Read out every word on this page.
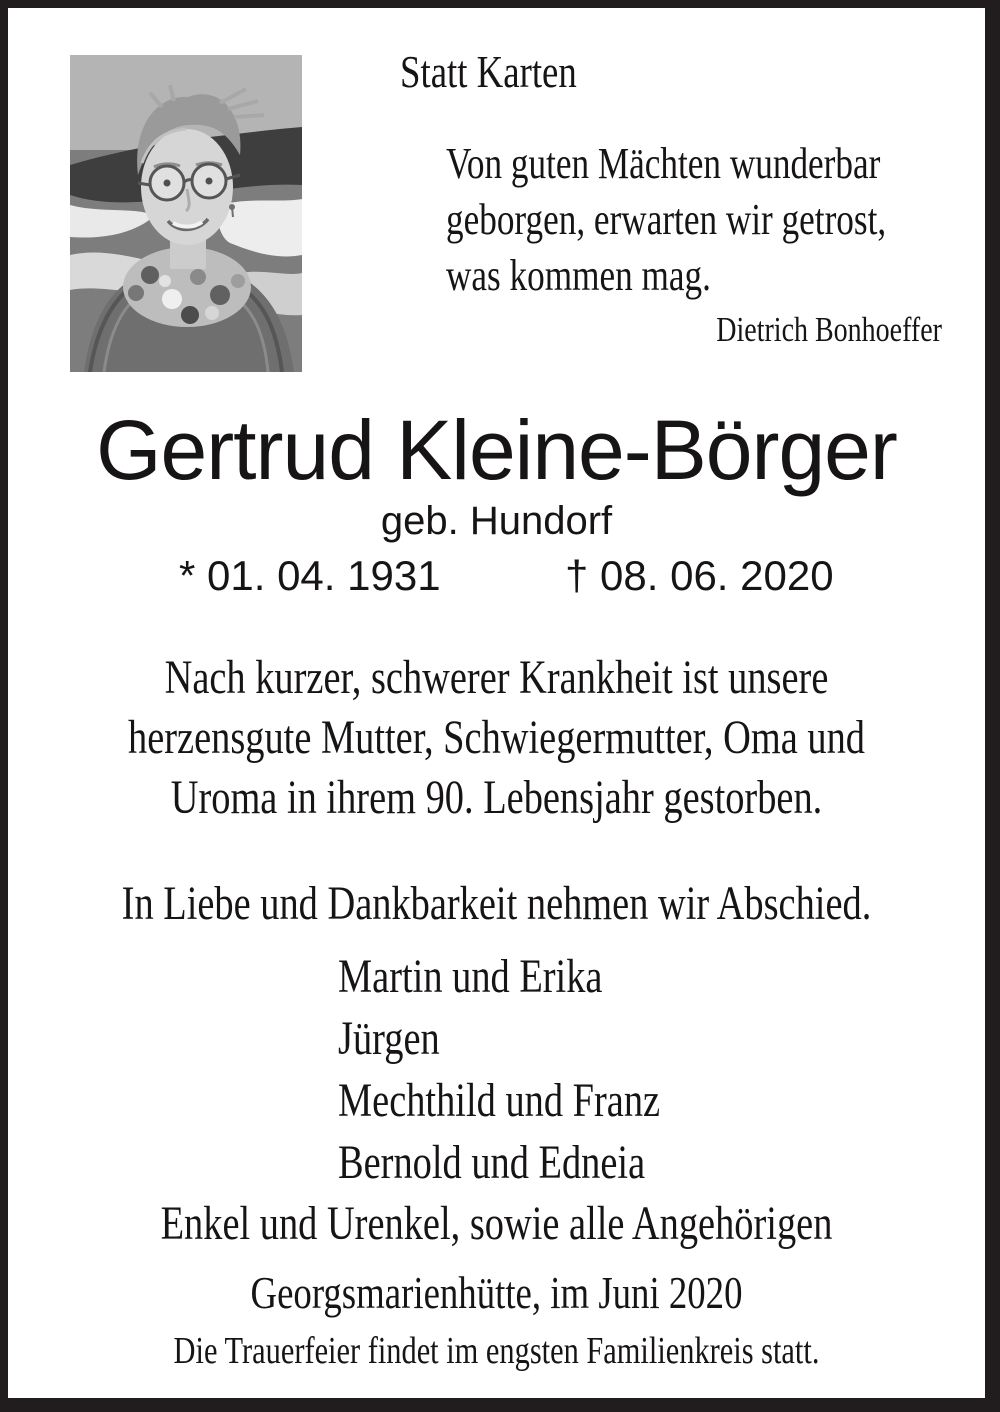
Statt Karten
Von guten Mächten wunderbar
geborgen, erwarten wir getrost,
was kommen mag.
Dietrich Bonhoeffer
Gertrud Kleine-Börger
geb. Hundorf
* 01. 04. 1931	† 08. 06. 2020
Nach kurzer, schwerer Krankheit ist unsere
herzensgute Mutter, Schwiegermutter, Oma und
Uroma in ihrem 90. Lebensjahr gestorben.
In Liebe und Dankbarkeit nehmen wir Abschied.
Martin und Erika
Jürgen
Mechthild und Franz
Bernold und Edneia
Enkel und Urenkel, sowie alle Angehörigen
Georgsmarienhütte, im Juni 2020
Die Trauerfeier findet im engsten Familienkreis statt.
